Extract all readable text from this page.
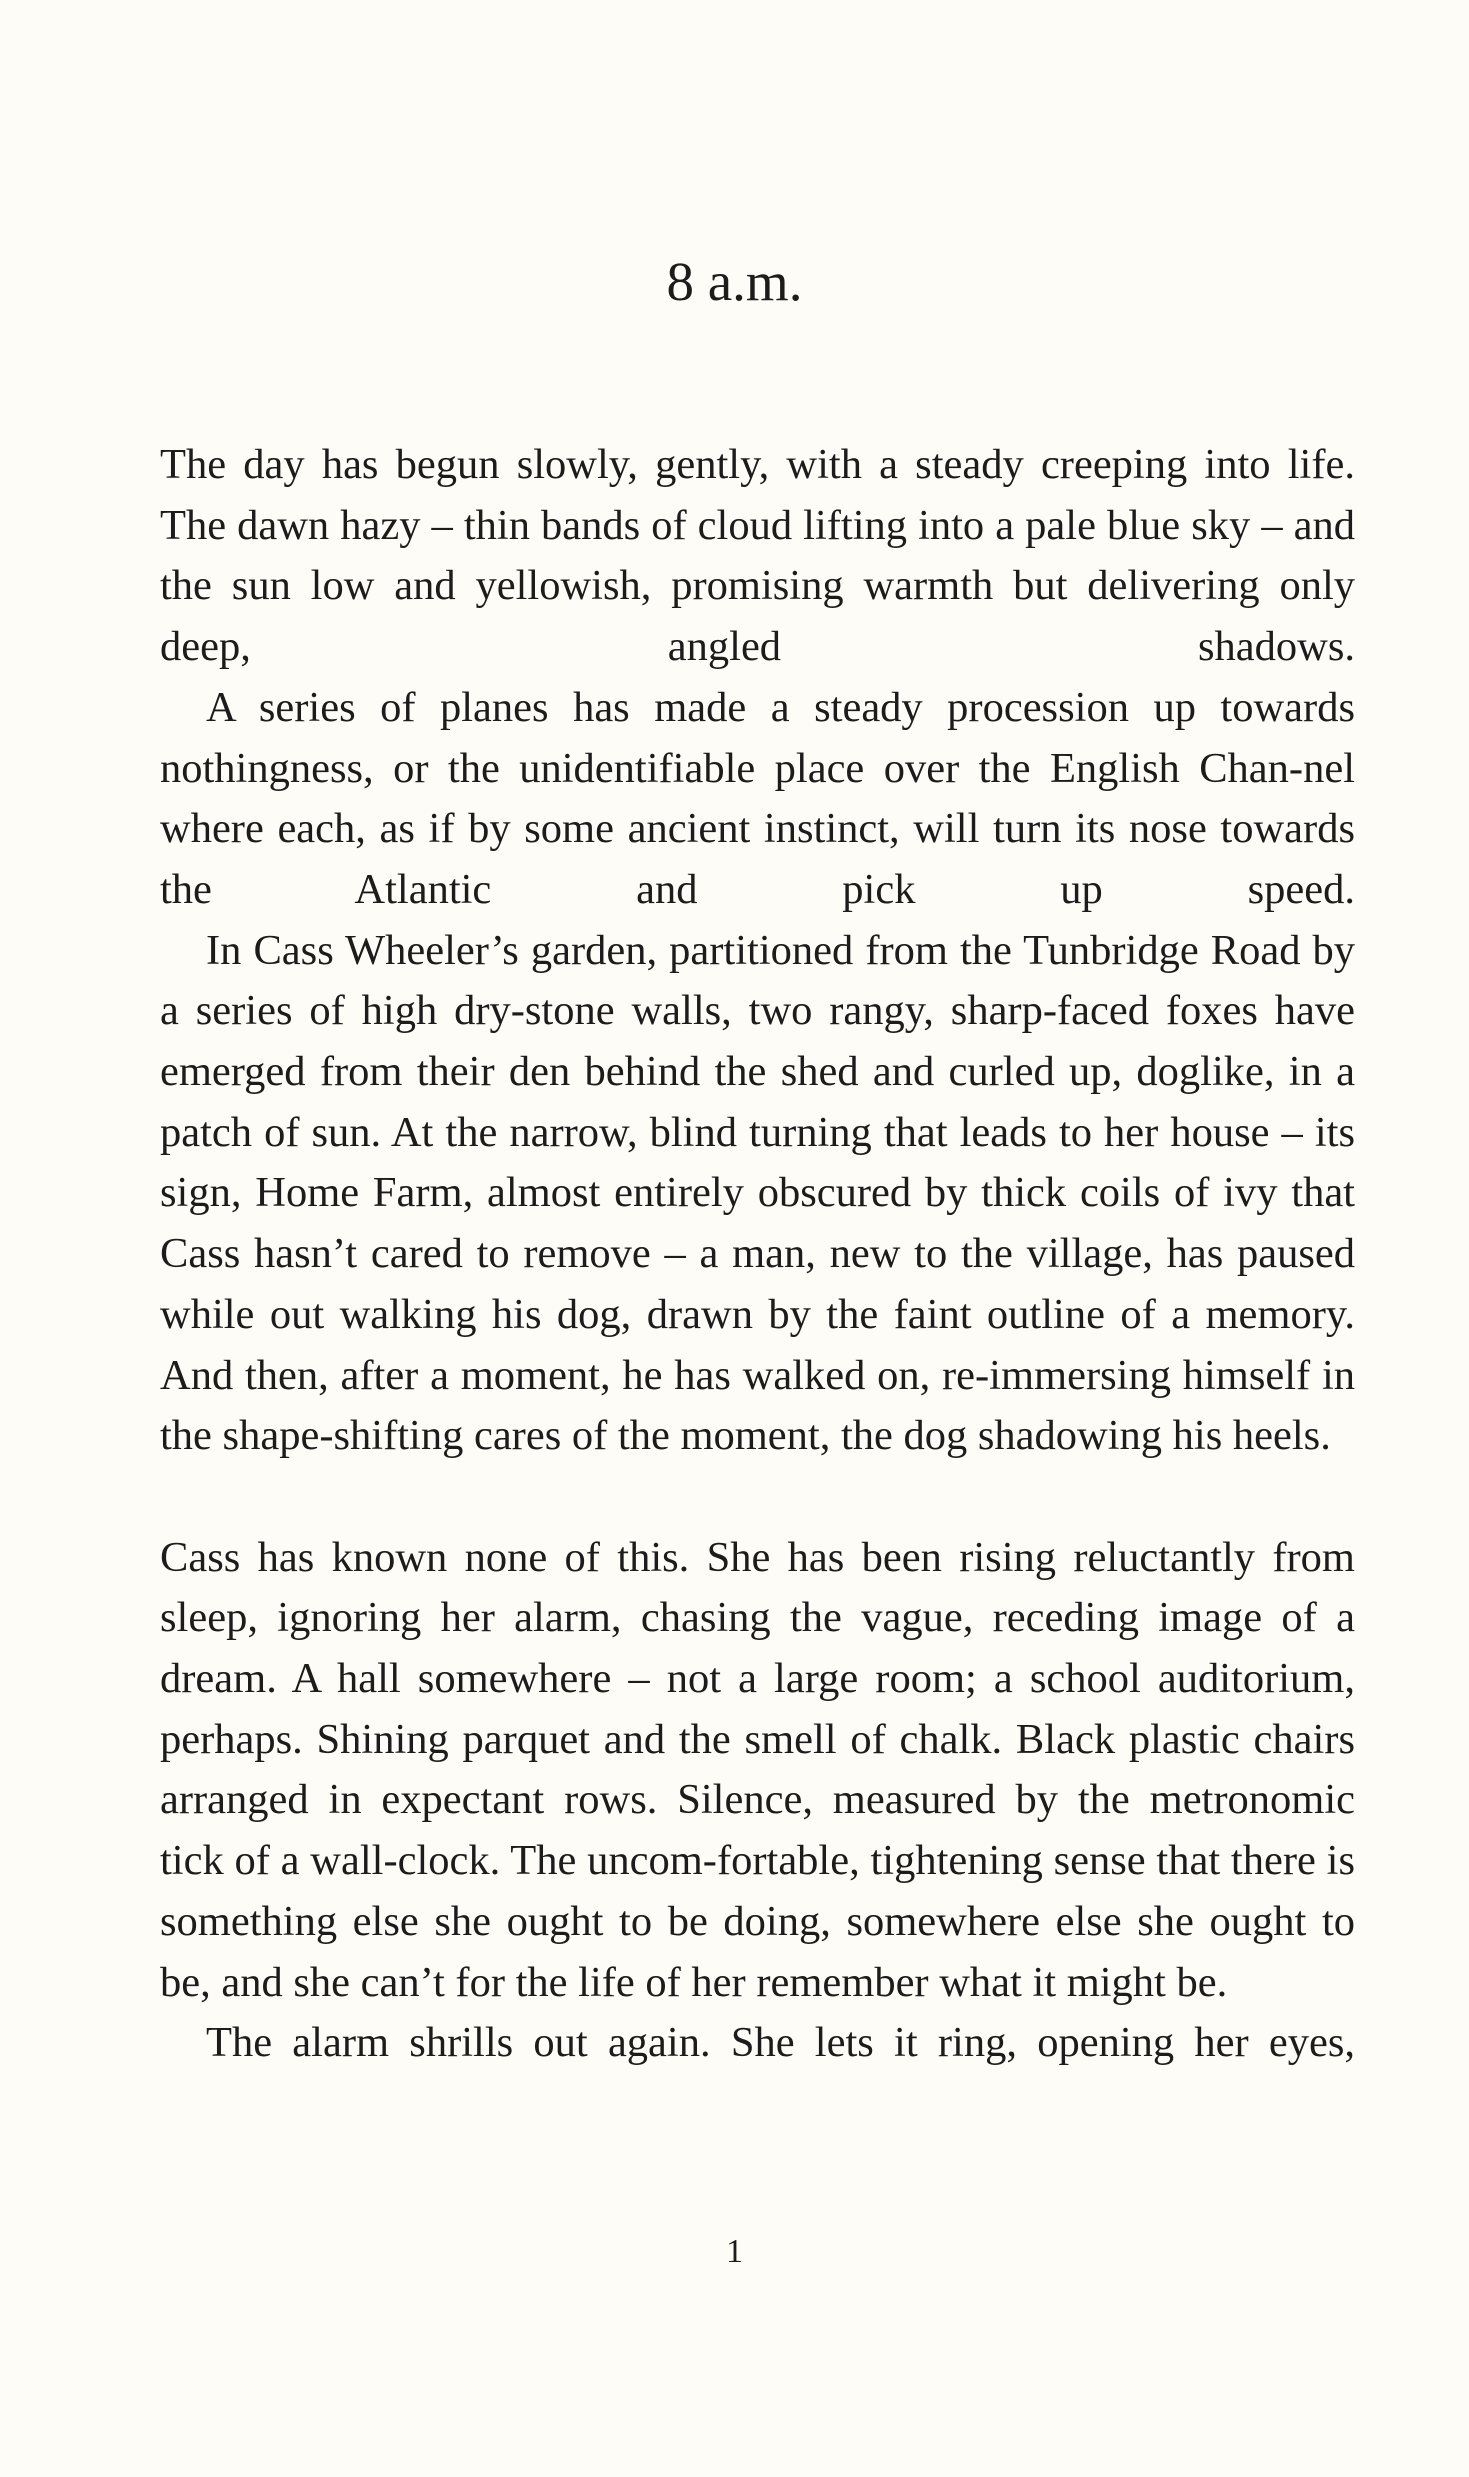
8 a.m.

The day has begun slowly, gently, with a steady creeping into life. The dawn hazy – thin bands of cloud lifting into a pale blue sky – and the sun low and yellowish, promising warmth but delivering only deep, angled shadows.

A series of planes has made a steady procession up towards nothingness, or the unidentifiable place over the English Chan-nel where each, as if by some ancient instinct, will turn its nose towards the Atlantic and pick up speed.

In Cass Wheeler’s garden, partitioned from the Tunbridge Road by a series of high dry-stone walls, two rangy, sharp-faced foxes have emerged from their den behind the shed and curled up, doglike, in a patch of sun. At the narrow, blind turning that leads to her house – its sign, Home Farm, almost entirely obscured by thick coils of ivy that Cass hasn’t cared to remove – a man, new to the village, has paused while out walking his dog, drawn by the faint outline of a memory. And then, after a moment, he has walked on, re-immersing himself in the shape-shifting cares of the moment, the dog shadowing his heels.

Cass has known none of this. She has been rising reluctantly from sleep, ignoring her alarm, chasing the vague, receding image of a dream. A hall somewhere – not a large room; a school auditorium, perhaps. Shining parquet and the smell of chalk. Black plastic chairs arranged in expectant rows. Silence, measured by the metronomic tick of a wall-clock. The uncom-fortable, tightening sense that there is something else she ought to be doing, somewhere else she ought to be, and she can’t for the life of her remember what it might be.

The alarm shrills out again. She lets it ring, opening her eyes,

1
